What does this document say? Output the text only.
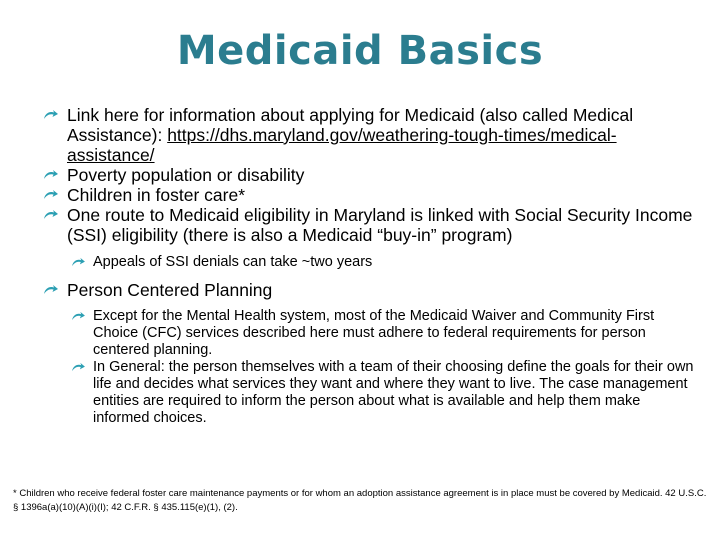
Medicaid Basics
Link here for information about applying for Medicaid (also called Medical Assistance): https://dhs.maryland.gov/weathering-tough-times/medical-assistance/
Poverty population or disability
Children in foster care*
One route to Medicaid eligibility in Maryland is linked with Social Security Income (SSI) eligibility (there is also a Medicaid “buy-in” program)
Appeals of SSI denials can take ~two years
Person Centered Planning
Except for the Mental Health system, most of the Medicaid Waiver and Community First Choice (CFC) services described here must adhere to federal requirements for person centered planning.
In General: the person themselves with a team of their choosing define the goals for their own life and decides what services they want and where they want to live. The case management entities are required to inform the person about what is available and help them make informed choices.
* Children who receive federal foster care maintenance payments or for whom an adoption assistance agreement is in place must be covered by Medicaid. 42 U.S.C. § 1396a(a)(10)(A)(i)(I); 42 C.F.R. § 435.115(e)(1), (2).
